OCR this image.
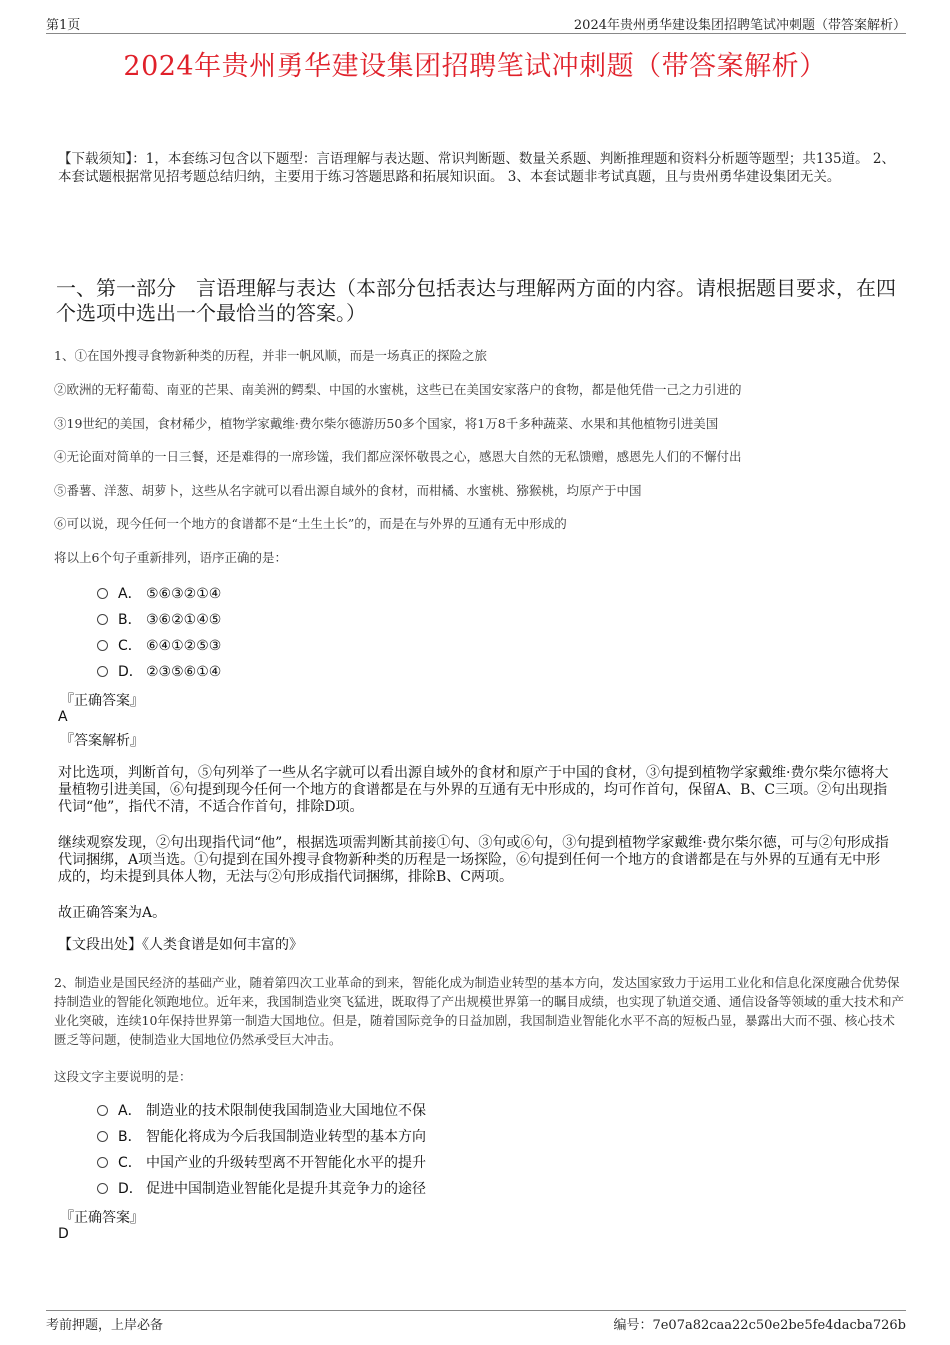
第1页	2024年贵州勇华建设集团招聘笔试冲刺题（带答案解析）
2024年贵州勇华建设集团招聘笔试冲刺题（带答案解析）
【下载须知】：1，本套练习包含以下题型：言语理解与表达题、常识判断题、数量关系题、判断推理题和资料分析题等题型；共135道。 2、本套试题根据常见招考题总结归纳，主要用于练习答题思路和拓展知识面。 3、本套试题非考试真题，且与贵州勇华建设集团无关。
一、第一部分　言语理解与表达（本部分包括表达与理解两方面的内容。请根据题目要求，在四个选项中选出一个最恰当的答案。）
1、①在国外搜寻食物新种类的历程，并非一帆风顺，而是一场真正的探险之旅
②欧洲的无籽葡萄、南亚的芒果、南美洲的鳄梨、中国的水蜜桃，这些已在美国安家落户的食物，都是他凭借一己之力引进的
③19世纪的美国，食材稀少，植物学家戴维·费尔柴尔德游历50多个国家，将1万8千多种蔬菜、水果和其他植物引进美国
④无论面对简单的一日三餐，还是难得的一席珍馐，我们都应深怀敬畏之心，感恩大自然的无私馈赠，感恩先人们的不懈付出
⑤番薯、洋葱、胡萝卜，这些从名字就可以看出源自域外的食材，而柑橘、水蜜桃、猕猴桃，均原产于中国
⑥可以说，现今任何一个地方的食谱都不是“土生土长”的，而是在与外界的互通有无中形成的
将以上6个句子重新排列，语序正确的是：
A． ⑤⑥③②①④
B． ③⑥②①④⑤
C． ⑥④①②⑤③
D． ②③⑤⑥①④
『正确答案』
A
『答案解析』
对比选项，判断首句，⑤句列举了一些从名字就可以看出源自域外的食材和原产于中国的食材，③句提到植物学家戴维·费尔柴尔德将大量植物引进美国，⑥句提到现今任何一个地方的食谱都是在与外界的互通有无中形成的，均可作首句，保留A、B、C三项。②句出现指代词“他”，指代不清，不适合作首句，排除D项。
继续观察发现，②句出现指代词“他”，根据选项需判断其前接①句、③句或⑥句，③句提到植物学家戴维·费尔柴尔德，可与②句形成指代词捆绑，A项当选。①句提到在国外搜寻食物新种类的历程是一场探险，⑥句提到任何一个地方的食谱都是在与外界的互通有无中形成的，均未提到具体人物，无法与②句形成指代词捆绑，排除B、C两项。
故正确答案为A。
【文段出处】《人类食谱是如何丰富的》
2、制造业是国民经济的基础产业，随着第四次工业革命的到来，智能化成为制造业转型的基本方向，发达国家致力于运用工业化和信息化深度融合优势保持制造业的智能化领跑地位。近年来，我国制造业突飞猛进，既取得了产出规模世界第一的瞩目成绩，也实现了轨道交通、通信设备等领域的重大技术和产业化突破，连续10年保持世界第一制造大国地位。但是，随着国际竞争的日益加剧，我国制造业智能化水平不高的短板凸显，暴露出大而不强、核心技术匮乏等问题，使制造业大国地位仍然承受巨大冲击。
这段文字主要说明的是：
A． 制造业的技术限制使我国制造业大国地位不保
B． 智能化将成为今后我国制造业转型的基本方向
C． 中国产业的升级转型离不开智能化水平的提升
D． 促进中国制造业智能化是提升其竞争力的途径
『正确答案』
D
考前押题，上岸必备	编号：7e07a82caa22c50e2be5fe4dacba726b
